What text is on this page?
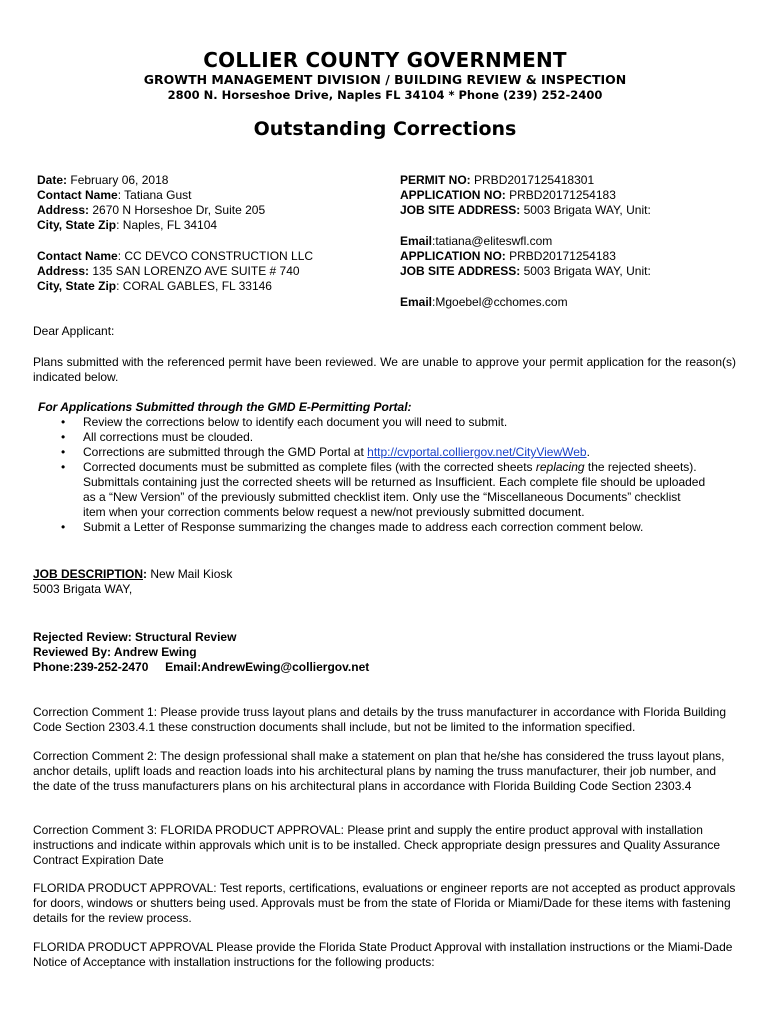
COLLIER COUNTY GOVERNMENT
GROWTH MANAGEMENT DIVISION / BUILDING REVIEW & INSPECTION
2800 N. Horseshoe Drive, Naples FL 34104 * Phone (239) 252-2400
Outstanding Corrections
Date: February 06, 2018
Contact Name: Tatiana Gust
Address: 2670 N Horseshoe Dr, Suite 205
City, State Zip: Naples, FL 34104
Contact Name: CC DEVCO CONSTRUCTION LLC
Address: 135 SAN LORENZO AVE SUITE # 740
City, State Zip: CORAL GABLES, FL 33146
PERMIT NO: PRBD2017125418301
APPLICATION NO: PRBD20171254183
JOB SITE ADDRESS: 5003 Brigata WAY, Unit:
Email:tatiana@eliteswfl.com
APPLICATION NO: PRBD20171254183
JOB SITE ADDRESS: 5003 Brigata WAY, Unit:
Email:Mgoebel@cchomes.com
Dear Applicant:
Plans submitted with the referenced permit have been reviewed. We are unable to approve your permit application for the reason(s) indicated below.
For Applications Submitted through the GMD E-Permitting Portal:
• Review the corrections below to identify each document you will need to submit.
• All corrections must be clouded.
• Corrections are submitted through the GMD Portal at http://cvportal.colliergov.net/CityViewWeb.
• Corrected documents must be submitted as complete files (with the corrected sheets replacing the rejected sheets).
Submittals containing just the corrected sheets will be returned as Insufficient. Each complete file should be uploaded
as a “New Version” of the previously submitted checklist item. Only use the “Miscellaneous Documents” checklist
item when your correction comments below request a new/not previously submitted document.
• Submit a Letter of Response summarizing the changes made to address each correction comment below.
JOB DESCRIPTION: New Mail Kiosk
5003 Brigata WAY,
Rejected Review: Structural Review
Reviewed By: Andrew Ewing
Phone:239-252-2470 Email:AndrewEwing@colliergov.net
Correction Comment 1: Please provide truss layout plans and details by the truss manufacturer in accordance with Florida Building Code Section 2303.4.1 these construction documents shall include, but not be limited to the information specified.
Correction Comment 2: The design professional shall make a statement on plan that he/she has considered the truss layout plans, anchor details, uplift loads and reaction loads into his architectural plans by naming the truss manufacturer, their job number, and the date of the truss manufacturers plans on his architectural plans in accordance with Florida Building Code Section 2303.4
Correction Comment 3: FLORIDA PRODUCT APPROVAL: Please print and supply the entire product approval with installation instructions and indicate within approvals which unit is to be installed. Check appropriate design pressures and Quality Assurance Contract Expiration Date
FLORIDA PRODUCT APPROVAL: Test reports, certifications, evaluations or engineer reports are not accepted as product approvals for doors, windows or shutters being used. Approvals must be from the state of Florida or Miami/Dade for these items with fastening details for the review process.
FLORIDA PRODUCT APPROVAL Please provide the Florida State Product Approval with installation instructions or the Miami-Dade Notice of Acceptance with installation instructions for the following products:
